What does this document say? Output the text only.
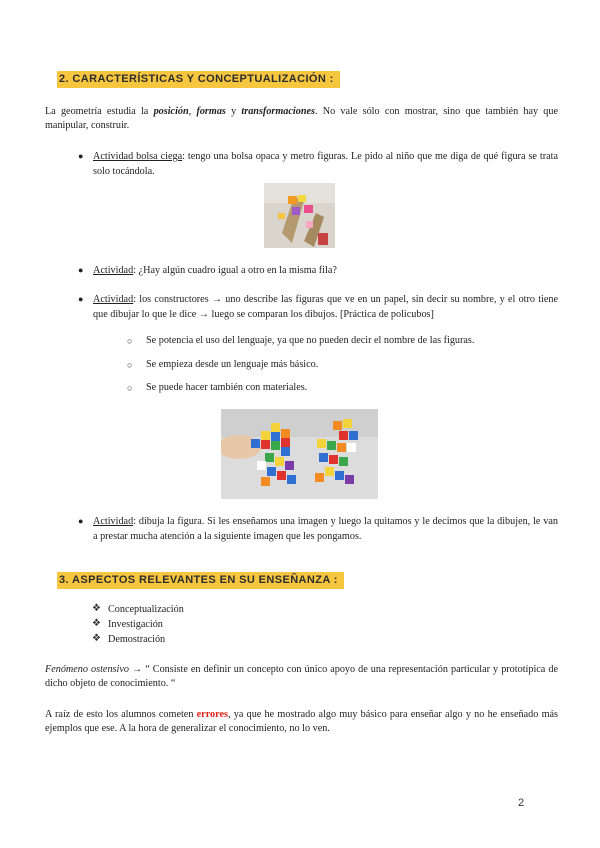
2. CARACTERÍSTICAS Y CONCEPTUALIZACIÓN :
La geometría estudia la posición, formas y transformaciones. No vale sólo con mostrar, sino que también hay que manipular, construir.
● Actividad bolsa ciega: tengo una bolsa opaca y metro figuras. Le pido al niño que me diga de qué figura se trata solo tocándola.
● Actividad: ¿Hay algún cuadro igual a otro en la misma fila?
● Actividad: los constructores → uno describe las figuras que ve en un papel, sin decir su nombre, y el otro tiene que dibujar lo que le dice → luego se comparan los dibujos. [Práctica de policubos]
○ Se potencia el uso del lenguaje, ya que no pueden decir el nombre de las figuras.
○ Se empieza desde un lenguaje más básico.
○ Se puede hacer también con materiales.
● Actividad: dibuja la figura. Si les enseñamos una imagen y luego la quitamos y le decimos que la dibujen, le van a prestar mucha atención a la siguiente imagen que les pongamos.
3. ASPECTOS RELEVANTES EN SU ENSEÑANZA :
❖ Conceptualización
❖ Investigación
❖ Demostración
Fenómeno ostensivo → “ Consiste en definir un concepto con único apoyo de una representación particular y prototípica de dicho objeto de conocimiento. “
A raíz de esto los alumnos cometen errores, ya que he mostrado algo muy básico para enseñar algo y no he enseñado más ejemplos que ese. A la hora de generalizar el conocimiento, no lo ven.
2
